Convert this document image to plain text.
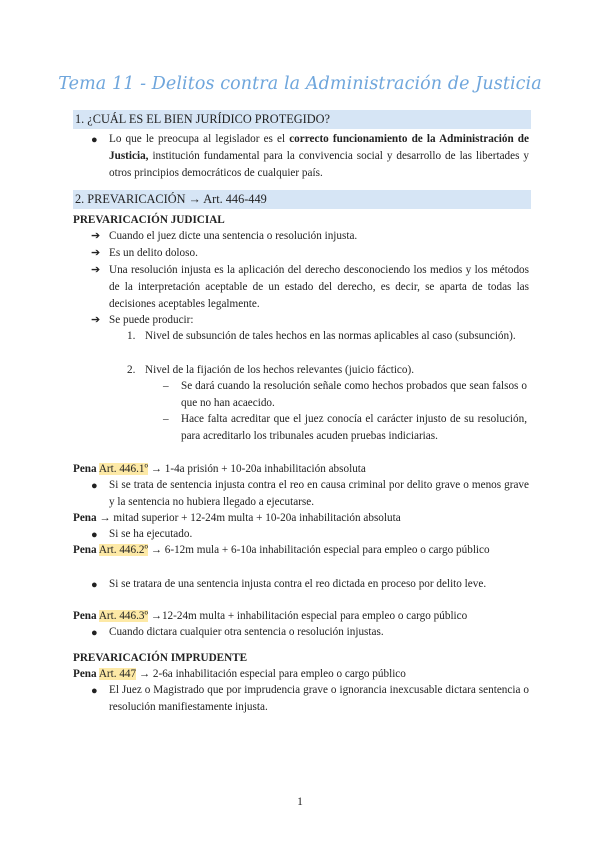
Tema 11 - Delitos contra la Administración de Justicia
1. ¿CUÁL ES EL BIEN JURÍDICO PROTEGIDO?
● Lo que le preocupa al legislador es el correcto funcionamiento de la Administración de Justicia, institución fundamental para la convivencia social y desarrollo de las libertades y otros principios democráticos de cualquier país.
2. PREVARICACIÓN → Art. 446-449
PREVARICACIÓN JUDICIAL
➔ Cuando el juez dicte una sentencia o resolución injusta.
➔ Es un delito doloso.
➔ Una resolución injusta es la aplicación del derecho desconociendo los medios y los métodos de la interpretación aceptable de un estado del derecho, es decir, se aparta de todas las decisiones aceptables legalmente.
➔ Se puede producir:
1. Nivel de subsunción de tales hechos en las normas aplicables al caso (subsunción).
2. Nivel de la fijación de los hechos relevantes (juicio fáctico).
– Se dará cuando la resolución señale como hechos probados que sean falsos o que no han acaecido.
– Hace falta acreditar que el juez conocía el carácter injusto de su resolución, para acreditarlo los tribunales acuden pruebas indiciarias.
Pena Art. 446.1º → 1-4a prisión + 10-20a inhabilitación absoluta
● Si se trata de sentencia injusta contra el reo en causa criminal por delito grave o menos grave y la sentencia no hubiera llegado a ejecutarse.
Pena → mitad superior + 12-24m multa + 10-20a inhabilitación absoluta
● Si se ha ejecutado.
Pena Art. 446.2º → 6-12m mula + 6-10a inhabilitación especial para empleo o cargo público
● Si se tratara de una sentencia injusta contra el reo dictada en proceso por delito leve.
Pena Art. 446.3º →12-24m multa + inhabilitación especial para empleo o cargo público
● Cuando dictara cualquier otra sentencia o resolución injustas.
PREVARICACIÓN IMPRUDENTE
Pena Art. 447 → 2-6a inhabilitación especial para empleo o cargo público
● El Juez o Magistrado que por imprudencia grave o ignorancia inexcusable dictara sentencia o resolución manifiestamente injusta.
1
